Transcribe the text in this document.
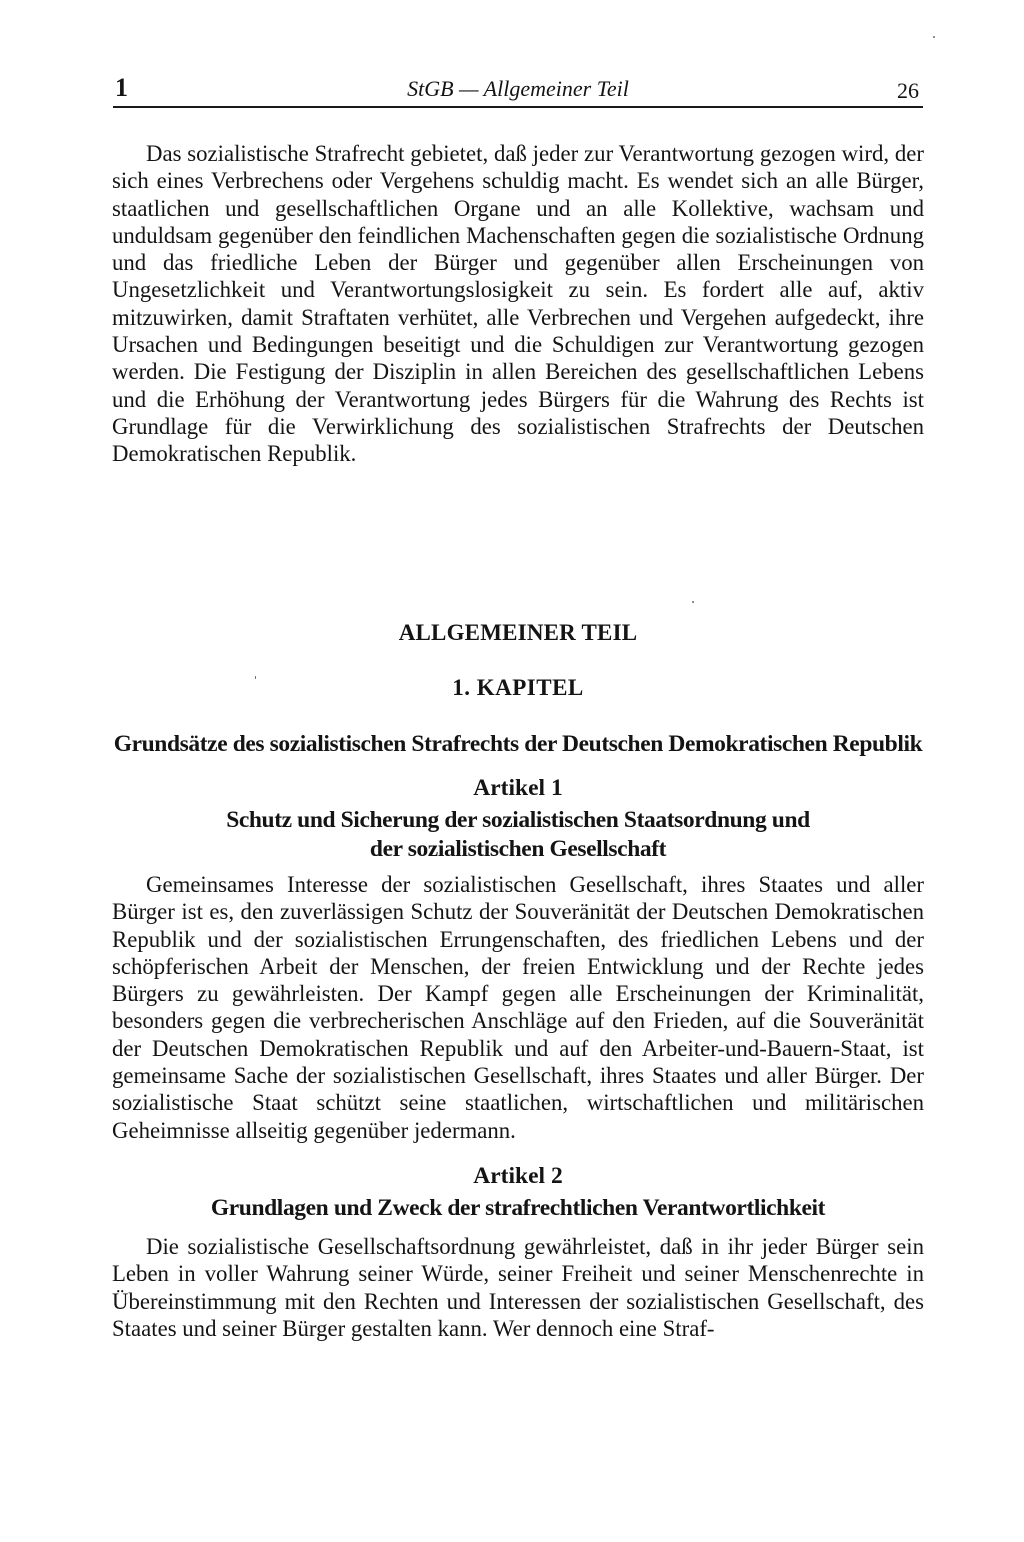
1	StGB — Allgemeiner Teil	26

Das sozialistische Strafrecht gebietet, daß jeder zur Verantwortung gezogen wird, der sich eines Verbrechens oder Vergehens schuldig macht. Es wendet sich an alle Bürger, staatlichen und gesellschaftlichen Organe und an alle Kollektive, wachsam und unduldsam gegenüber den feindlichen Machenschaften gegen die sozialistische Ordnung und das friedliche Leben der Bürger und gegenüber allen Erscheinungen von Ungesetzlichkeit und Verantwortungslosigkeit zu sein. Es fordert alle auf, aktiv mitzuwirken, damit Straftaten verhütet, alle Verbrechen und Vergehen aufgedeckt, ihre Ursachen und Bedingungen beseitigt und die Schuldigen zur Verantwortung gezogen werden. Die Festigung der Disziplin in allen Bereichen des gesellschaftlichen Lebens und die Erhöhung der Verantwortung jedes Bürgers für die Wahrung des Rechts ist Grundlage für die Verwirklichung des sozialistischen Strafrechts der Deutschen Demokratischen Republik.

ALLGEMEINER TEIL
1. KAPITEL
Grundsätze des sozialistischen Strafrechts der Deutschen Demokratischen Republik
Artikel 1
Schutz und Sicherung der sozialistischen Staatsordnung und
der sozialistischen Gesellschaft

Gemeinsames Interesse der sozialistischen Gesellschaft, ihres Staates und aller Bürger ist es, den zuverlässigen Schutz der Souveränität der Deutschen Demokratischen Republik und der sozialistischen Errungenschaften, des friedlichen Lebens und der schöpferischen Arbeit der Menschen, der freien Entwicklung und der Rechte jedes Bürgers zu gewährleisten. Der Kampf gegen alle Erscheinungen der Kriminalität, besonders gegen die verbrecherischen Anschläge auf den Frieden, auf die Souveränität der Deutschen Demokratischen Republik und auf den Arbeiter-und-Bauern-Staat, ist gemeinsame Sache der sozialistischen Gesellschaft, ihres Staates und aller Bürger. Der sozialistische Staat schützt seine staatlichen, wirtschaftlichen und militärischen Geheimnisse allseitig gegenüber jedermann.

Artikel 2
Grundlagen und Zweck der strafrechtlichen Verantwortlichkeit

Die sozialistische Gesellschaftsordnung gewährleistet, daß in ihr jeder Bürger sein Leben in voller Wahrung seiner Würde, seiner Freiheit und seiner Menschenrechte in Übereinstimmung mit den Rechten und Interessen der sozialistischen Gesellschaft, des Staates und seiner Bürger gestalten kann. Wer dennoch eine Straf-
